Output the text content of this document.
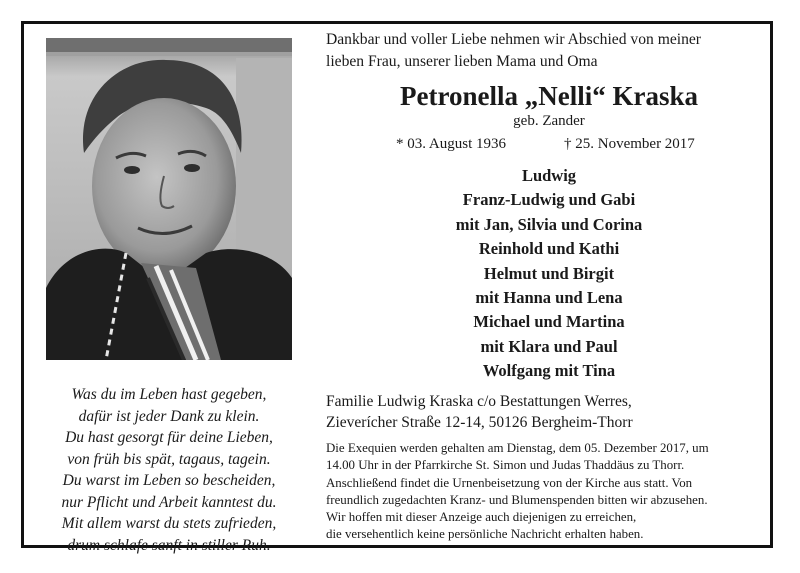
Was du im Leben hast gegeben,
dafür ist jeder Dank zu klein.
Du hast gesorgt für deine Lieben,
von früh bis spät, tagaus, tagein.
Du warst im Leben so bescheiden,
nur Pflicht und Arbeit kanntest du.
Mit allem warst du stets zufrieden,
drum schlafe sanft in stiller Ruh.
Dankbar und voller Liebe nehmen wir Abschied von meiner
lieben Frau, unserer lieben Mama und Oma
Petronella „Nelli“ Kraska
geb. Zander
* 03. August 1936	† 25. November 2017
Ludwig
Franz-Ludwig und Gabi
mit Jan, Silvia und Corina
Reinhold und Kathi
Helmut und Birgit
mit Hanna und Lena
Michael und Martina
mit Klara und Paul
Wolfgang mit Tina
Familie Ludwig Kraska c/o Bestattungen Werres,
Zieverícher Straße 12-14, 50126 Bergheim-Thorr
Die Exequien werden gehalten am Dienstag, dem 05. Dezember 2017, um
14.00 Uhr in der Pfarrkirche St. Simon und Judas Thaddäus zu Thorr.
Anschließend findet die Urnenbeisetzung von der Kirche aus statt. Von
freundlich zugedachten Kranz- und Blumenspenden bitten wir abzusehen.
Wir hoffen mit dieser Anzeige auch diejenigen zu erreichen,
die versehentlich keine persönliche Nachricht erhalten haben.
